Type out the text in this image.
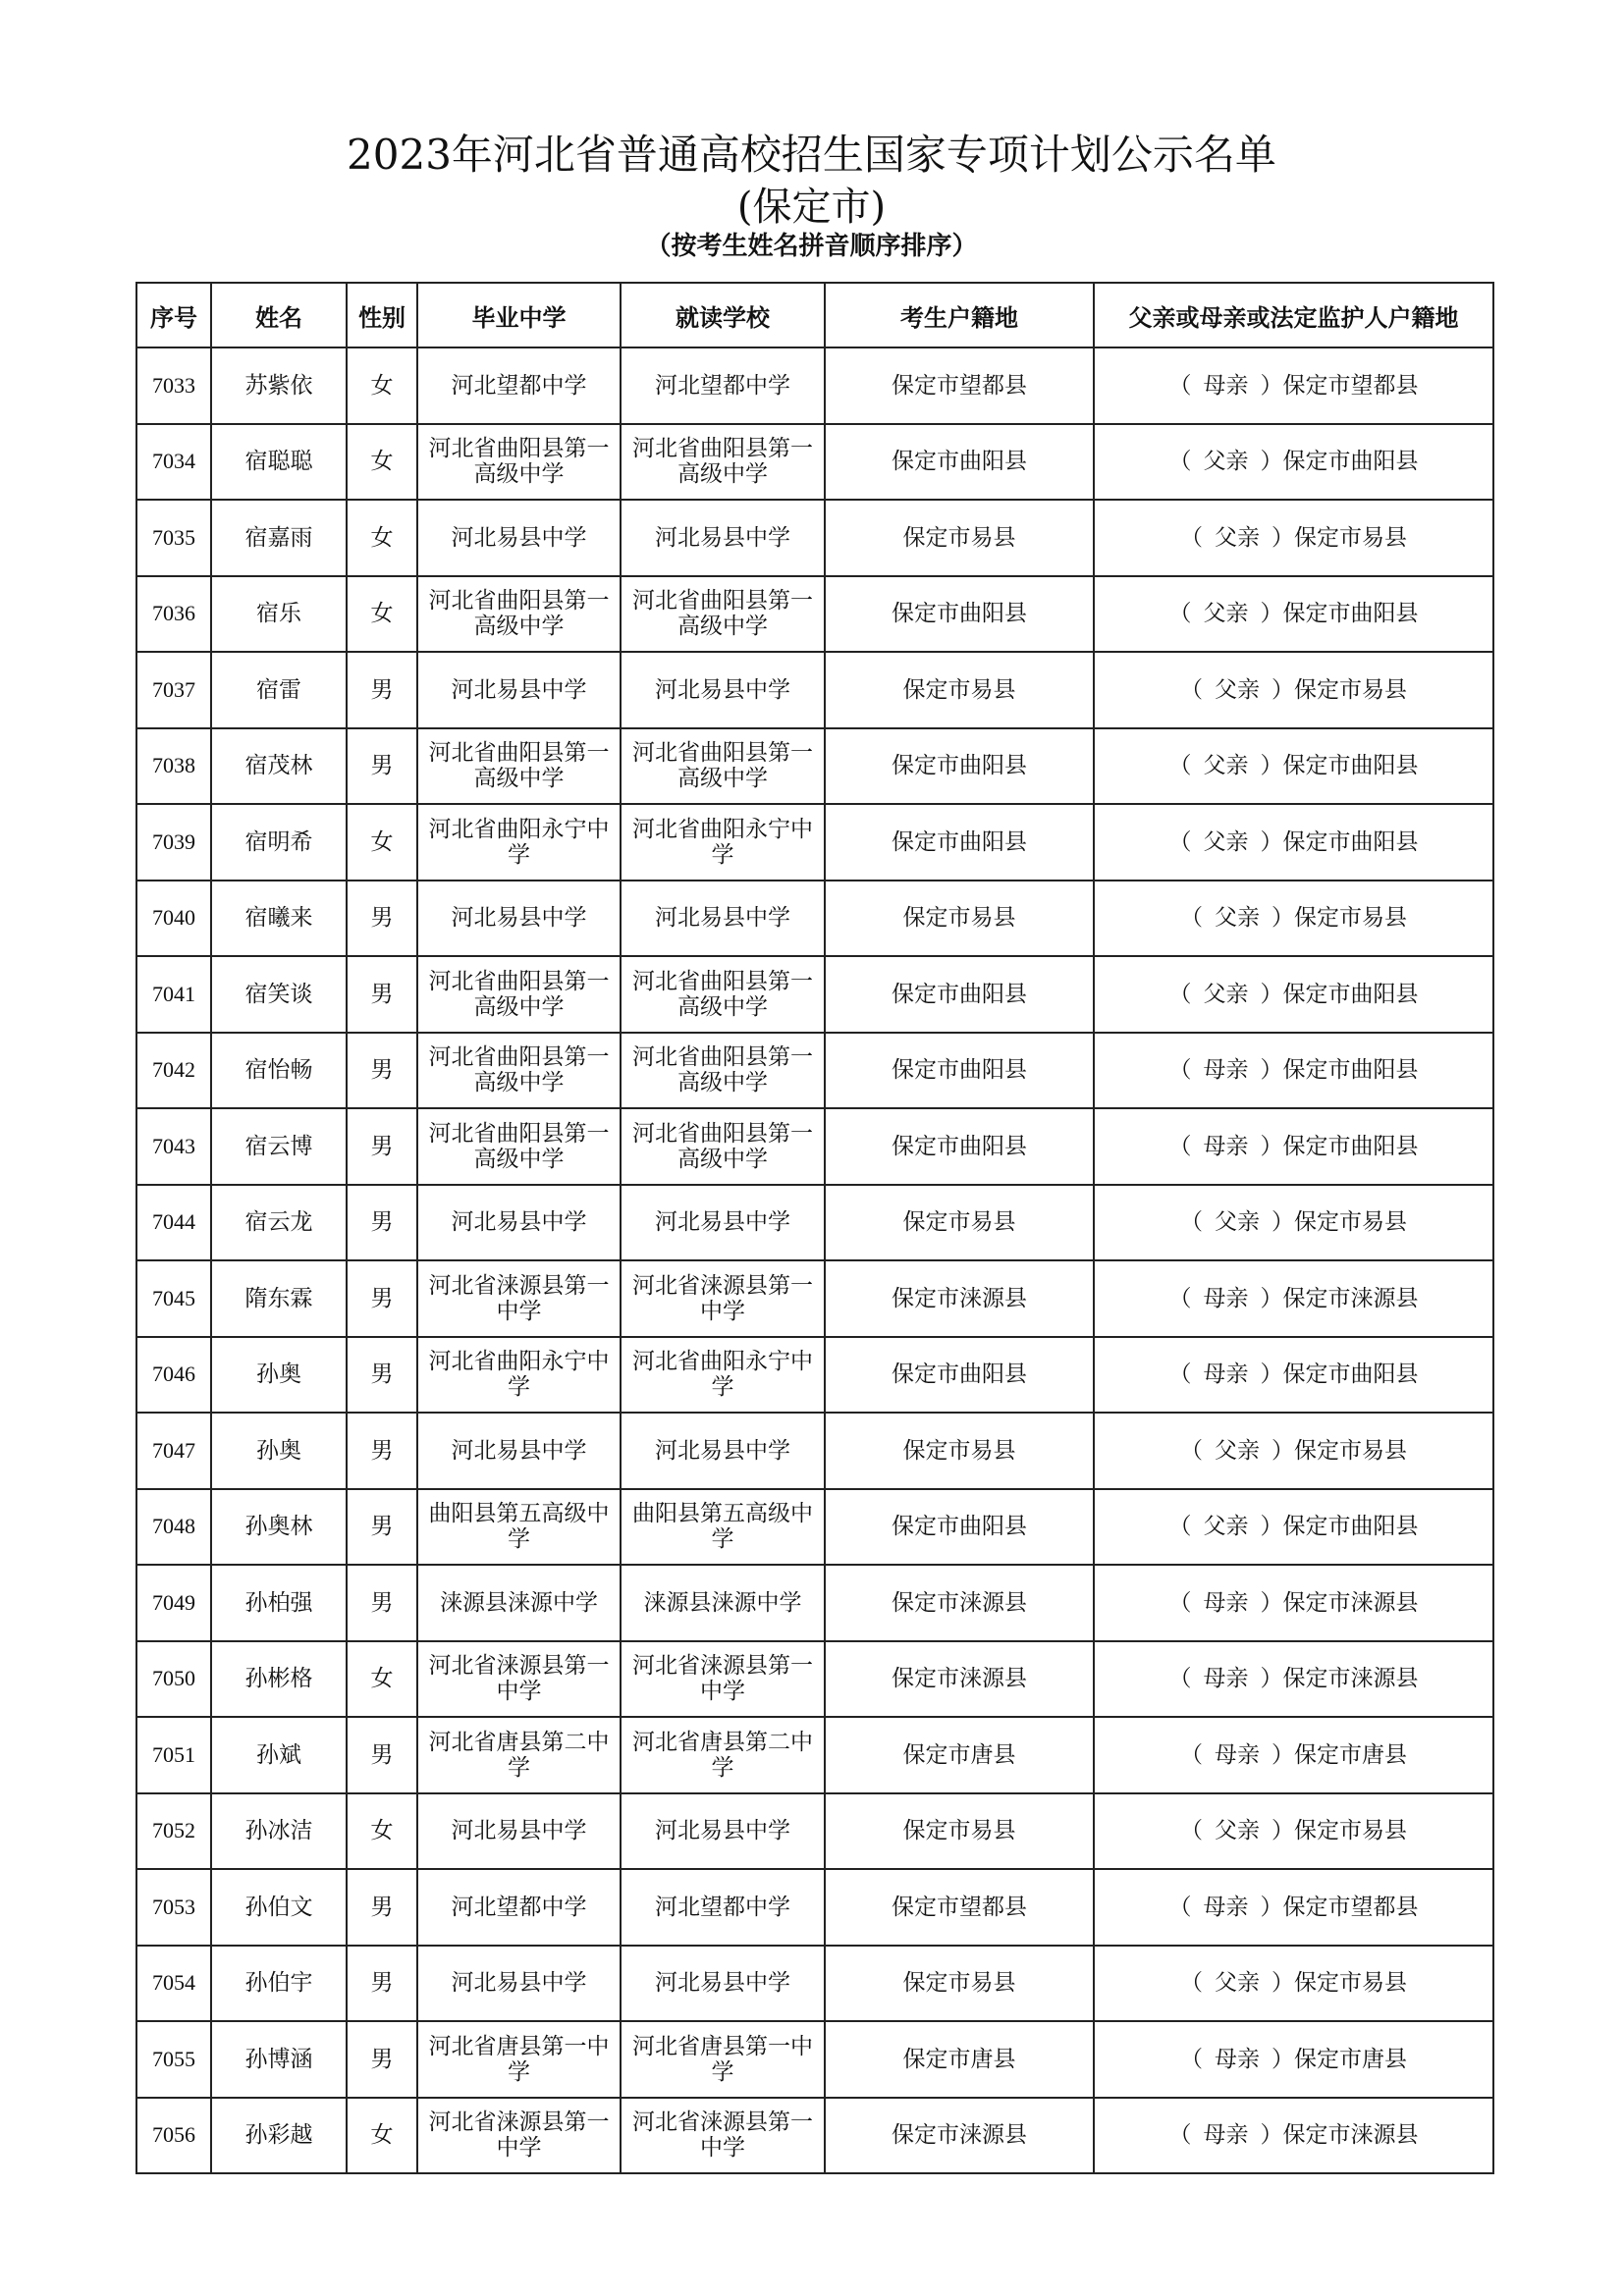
2023年河北省普通高校招生国家专项计划公示名单
(保定市)
（按考生姓名拼音顺序排序）
序号	姓名	性别	毕业中学	就读学校	考生户籍地	父亲或母亲或法定监护人户籍地
7033	苏紫依	女	河北望都中学	河北望都中学	保定市望都县	（ 母亲 ）保定市望都县
7034	宿聪聪	女	河北省曲阳县第一高级中学	河北省曲阳县第一高级中学	保定市曲阳县	（ 父亲 ）保定市曲阳县
7035	宿嘉雨	女	河北易县中学	河北易县中学	保定市易县	（ 父亲 ）保定市易县
7036	宿乐	女	河北省曲阳县第一高级中学	河北省曲阳县第一高级中学	保定市曲阳县	（ 父亲 ）保定市曲阳县
7037	宿雷	男	河北易县中学	河北易县中学	保定市易县	（ 父亲 ）保定市易县
7038	宿茂林	男	河北省曲阳县第一高级中学	河北省曲阳县第一高级中学	保定市曲阳县	（ 父亲 ）保定市曲阳县
7039	宿明希	女	河北省曲阳永宁中学	河北省曲阳永宁中学	保定市曲阳县	（ 父亲 ）保定市曲阳县
7040	宿曦来	男	河北易县中学	河北易县中学	保定市易县	（ 父亲 ）保定市易县
7041	宿笑谈	男	河北省曲阳县第一高级中学	河北省曲阳县第一高级中学	保定市曲阳县	（ 父亲 ）保定市曲阳县
7042	宿怡畅	男	河北省曲阳县第一高级中学	河北省曲阳县第一高级中学	保定市曲阳县	（ 母亲 ）保定市曲阳县
7043	宿云博	男	河北省曲阳县第一高级中学	河北省曲阳县第一高级中学	保定市曲阳县	（ 母亲 ）保定市曲阳县
7044	宿云龙	男	河北易县中学	河北易县中学	保定市易县	（ 父亲 ）保定市易县
7045	隋东霖	男	河北省涞源县第一中学	河北省涞源县第一中学	保定市涞源县	（ 母亲 ）保定市涞源县
7046	孙奥	男	河北省曲阳永宁中学	河北省曲阳永宁中学	保定市曲阳县	（ 母亲 ）保定市曲阳县
7047	孙奥	男	河北易县中学	河北易县中学	保定市易县	（ 父亲 ）保定市易县
7048	孙奥林	男	曲阳县第五高级中学	曲阳县第五高级中学	保定市曲阳县	（ 父亲 ）保定市曲阳县
7049	孙柏强	男	涞源县涞源中学	涞源县涞源中学	保定市涞源县	（ 母亲 ）保定市涞源县
7050	孙彬格	女	河北省涞源县第一中学	河北省涞源县第一中学	保定市涞源县	（ 母亲 ）保定市涞源县
7051	孙斌	男	河北省唐县第二中学	河北省唐县第二中学	保定市唐县	（ 母亲 ）保定市唐县
7052	孙冰洁	女	河北易县中学	河北易县中学	保定市易县	（ 父亲 ）保定市易县
7053	孙伯文	男	河北望都中学	河北望都中学	保定市望都县	（ 母亲 ）保定市望都县
7054	孙伯宇	男	河北易县中学	河北易县中学	保定市易县	（ 父亲 ）保定市易县
7055	孙博涵	男	河北省唐县第一中学	河北省唐县第一中学	保定市唐县	（ 母亲 ）保定市唐县
7056	孙彩越	女	河北省涞源县第一中学	河北省涞源县第一中学	保定市涞源县	（ 母亲 ）保定市涞源县
